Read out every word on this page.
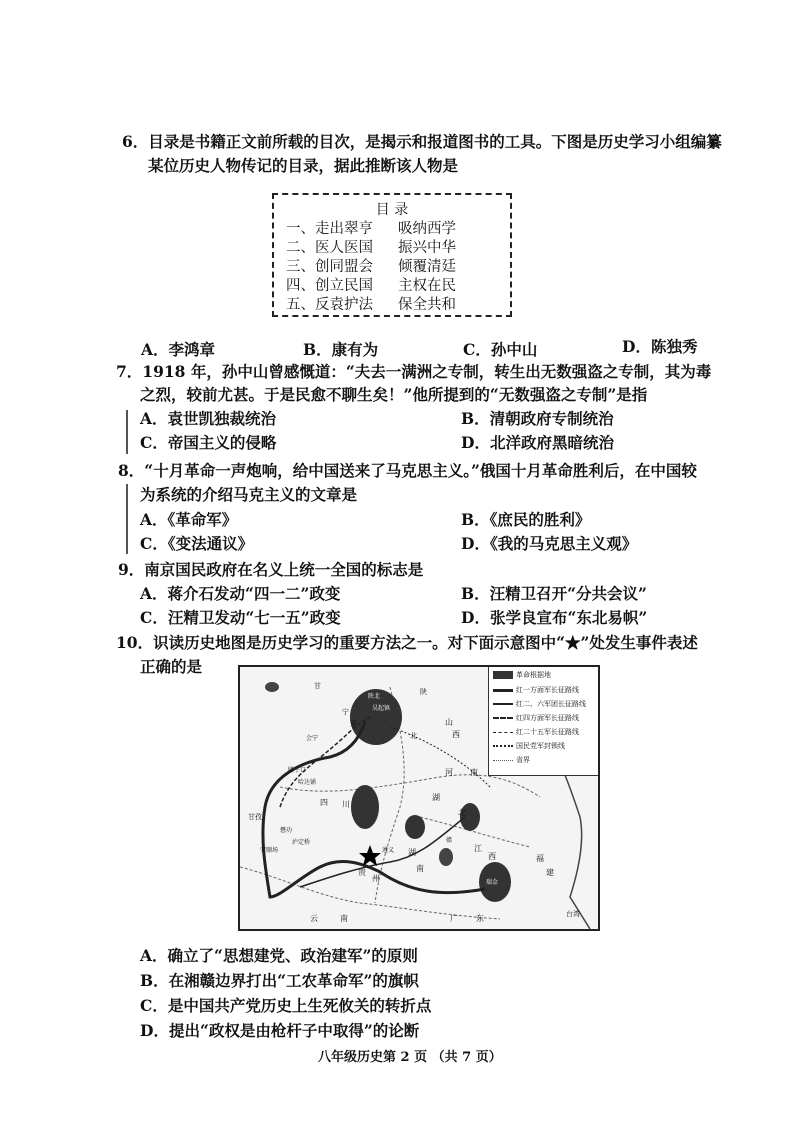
6．目录是书籍正文前所载的目次，是揭示和报道图书的工具。下图是历史学习小组编纂
某位历史人物传记的目录，据此推断该人物是
目 录
一、走出翠亨 吸纳西学
二、医人医国 振兴中华
三、创同盟会 倾覆清廷
四、创立民国 主权在民
五、反袁护法 保全共和
A．李鸿章	B．康有为	C．孙中山	D．陈独秀
7．1918 年，孙中山曾感慨道：“夫去一满洲之专制，转生出无数强盗之专制，其为毒
之烈，较前尤甚。于是民愈不聊生矣！”他所提到的“无数强盗之专制”是指
A．袁世凯独裁统治	B．清朝政府专制统治
C．帝国主义的侵略	D．北洋政府黑暗统治
8．“十月革命一声炮响，给中国送来了马克思主义。”俄国十月革命胜利后，在中国较
为系统的介绍马克主义的文章是
A．《革命军》	B．《庶民的胜利》
C．《变法通议》	D．《我的马克思主义观》
9．南京国民政府在名义上统一全国的标志是
A．蒋介石发动“四一二”政变	B．汪精卫召开“分共会议”
C．汪精卫发动“七一五”政变	D．张学良宣布“东北易帜”
10．识读历史地图是历史学习的重要方法之一。对下面示意图中“★”处发生事件表述
正确的是	革命根据地
红一方面军长征路线
红二、六军团长征路线
红四方面军长征路线
红二十五军长征路线
国民党军封锁线
省界
甘
宁
夏
陕
北
山
西
河 南
湖
北
四 川
贵
州
云	南
湖
南
江
西	福
建
广 东	台湾
甘孜
会宁
吴起镇
腊子口
哈达铺
懋功
泸定桥
安顺场	遵义
赣
陕北
瑞金
A．确立了“思想建党、政治建军”的原则
B．在湘赣边界打出“工农革命军”的旗帜
C．是中国共产党历史上生死攸关的转折点
D．提出“政权是由枪杆子中取得”的论断
八年级历史第 2 页 （共 7 页）
